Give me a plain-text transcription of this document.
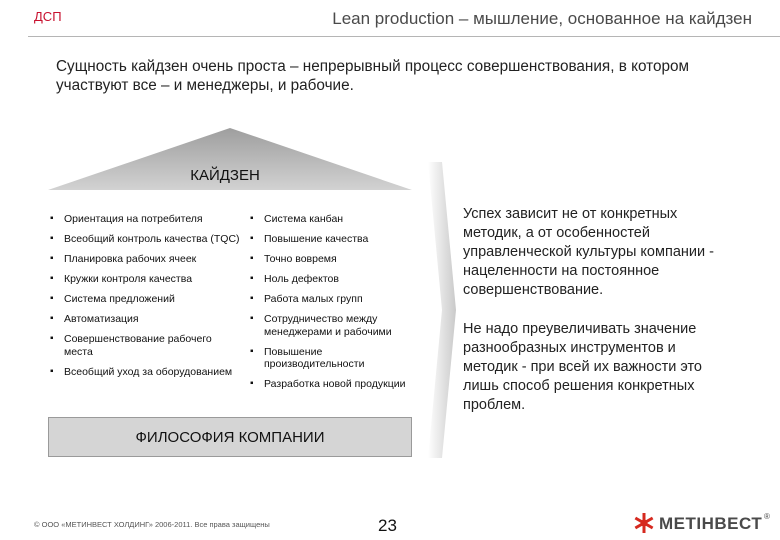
ДСП	Lean production – мышление, основанное на кайдзен
Сущность кайдзен очень проста – непрерывный процесс совершенствования, в котором участвуют все – и менеджеры, и рабочие.
КАЙДЗЕН
▪ Ориентация на потребителя
▪ Всеобщий контроль качества (TQC)
▪ Планировка рабочих ячеек
▪ Кружки контроля качества
▪ Система предложений
▪ Автоматизация
▪ Совершенствование рабочего места
▪ Всеобщий уход за оборудованием
▪ Система канбан
▪ Повышение качества
▪ Точно вовремя
▪ Ноль дефектов
▪ Работа малых групп
▪ Сотрудничество между менеджерами и рабочими
▪ Повышение производительности
▪ Разработка новой продукции
ФИЛОСОФИЯ КОМПАНИИ
Успех зависит не от конкретных методик, а от особенностей управленческой культуры компании - нацеленности на постоянное совершенствование.
Не надо преувеличивать значение разнообразных инструментов и методик - при всей их важности это лишь способ решения конкретных проблем.
© ООО «МЕТИНВЕСТ ХОЛДИНГ» 2006-2011. Все права защищены	23	МЕТІНВЕСТ ®
